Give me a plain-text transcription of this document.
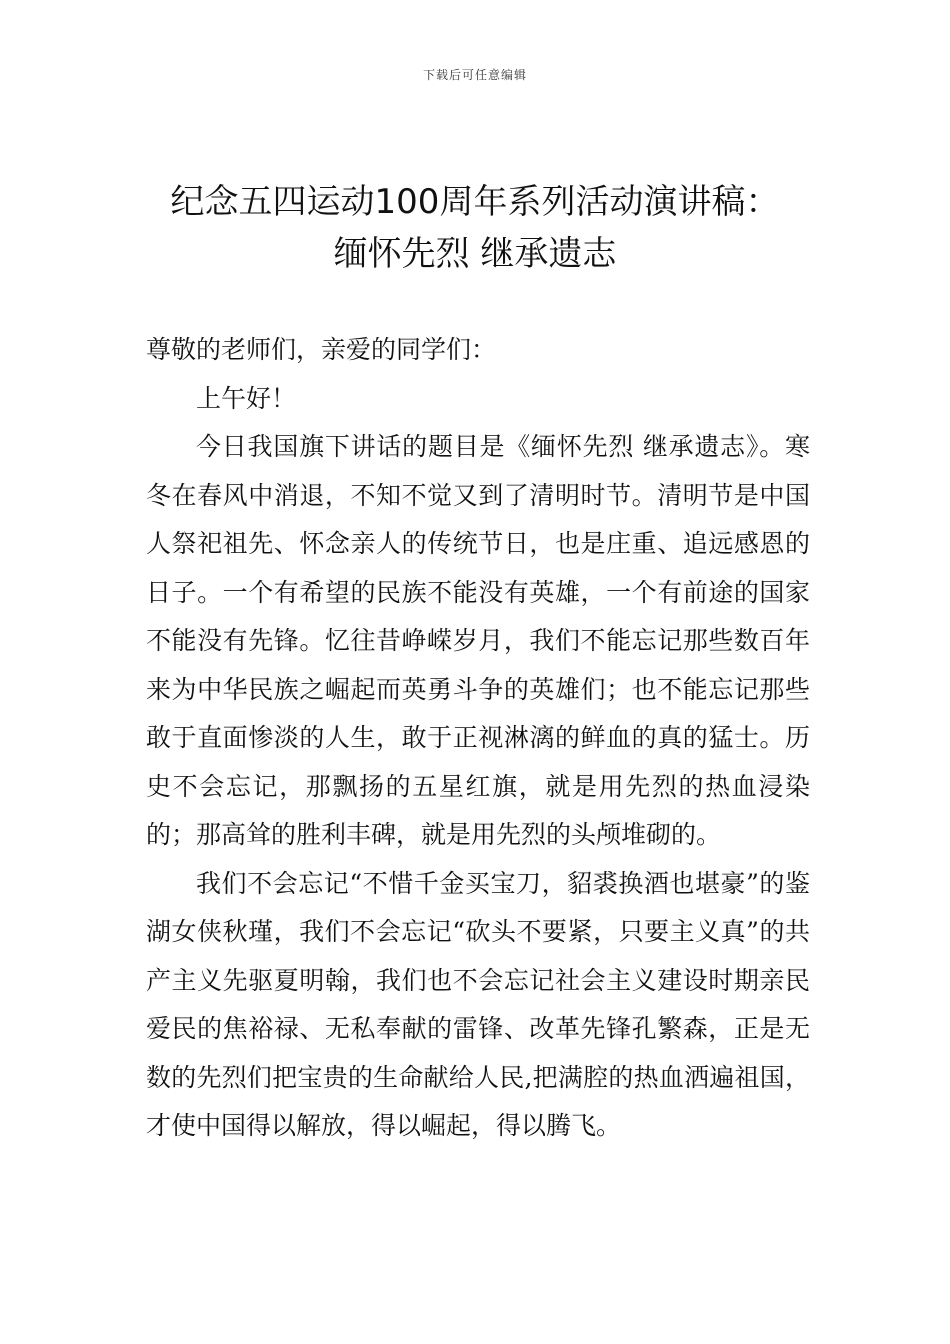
下载后可任意编辑
纪念五四运动100周年系列活动演讲稿：
缅怀先烈 继承遗志

尊敬的老师们，亲爱的同学们：

上午好！

今日我国旗下讲话的题目是《缅怀先烈 继承遗志》。寒冬在春风中消退，不知不觉又到了清明时节。清明节是中国人祭祀祖先、怀念亲人的传统节日，也是庄重、追远感恩的日子。一个有希望的民族不能没有英雄，一个有前途的国家不能没有先锋。忆往昔峥嵘岁月，我们不能忘记那些数百年来为中华民族之崛起而英勇斗争的英雄们；也不能忘记那些敢于直面惨淡的人生，敢于正视淋漓的鲜血的真的猛士。历史不会忘记，那飘扬的五星红旗，就是用先烈的热血浸染的；那高耸的胜利丰碑，就是用先烈的头颅堆砌的。

我们不会忘记“不惜千金买宝刀，貂裘换酒也堪豪”的鉴湖女侠秋瑾，我们不会忘记“砍头不要紧，只要主义真”的共产主义先驱夏明翰，我们也不会忘记社会主义建设时期亲民爱民的焦裕禄、无私奉献的雷锋、改革先锋孔繁森，正是无数的先烈们把宝贵的生命献给人民,把满腔的热血洒遍祖国，才使中国得以解放，得以崛起，得以腾飞。
